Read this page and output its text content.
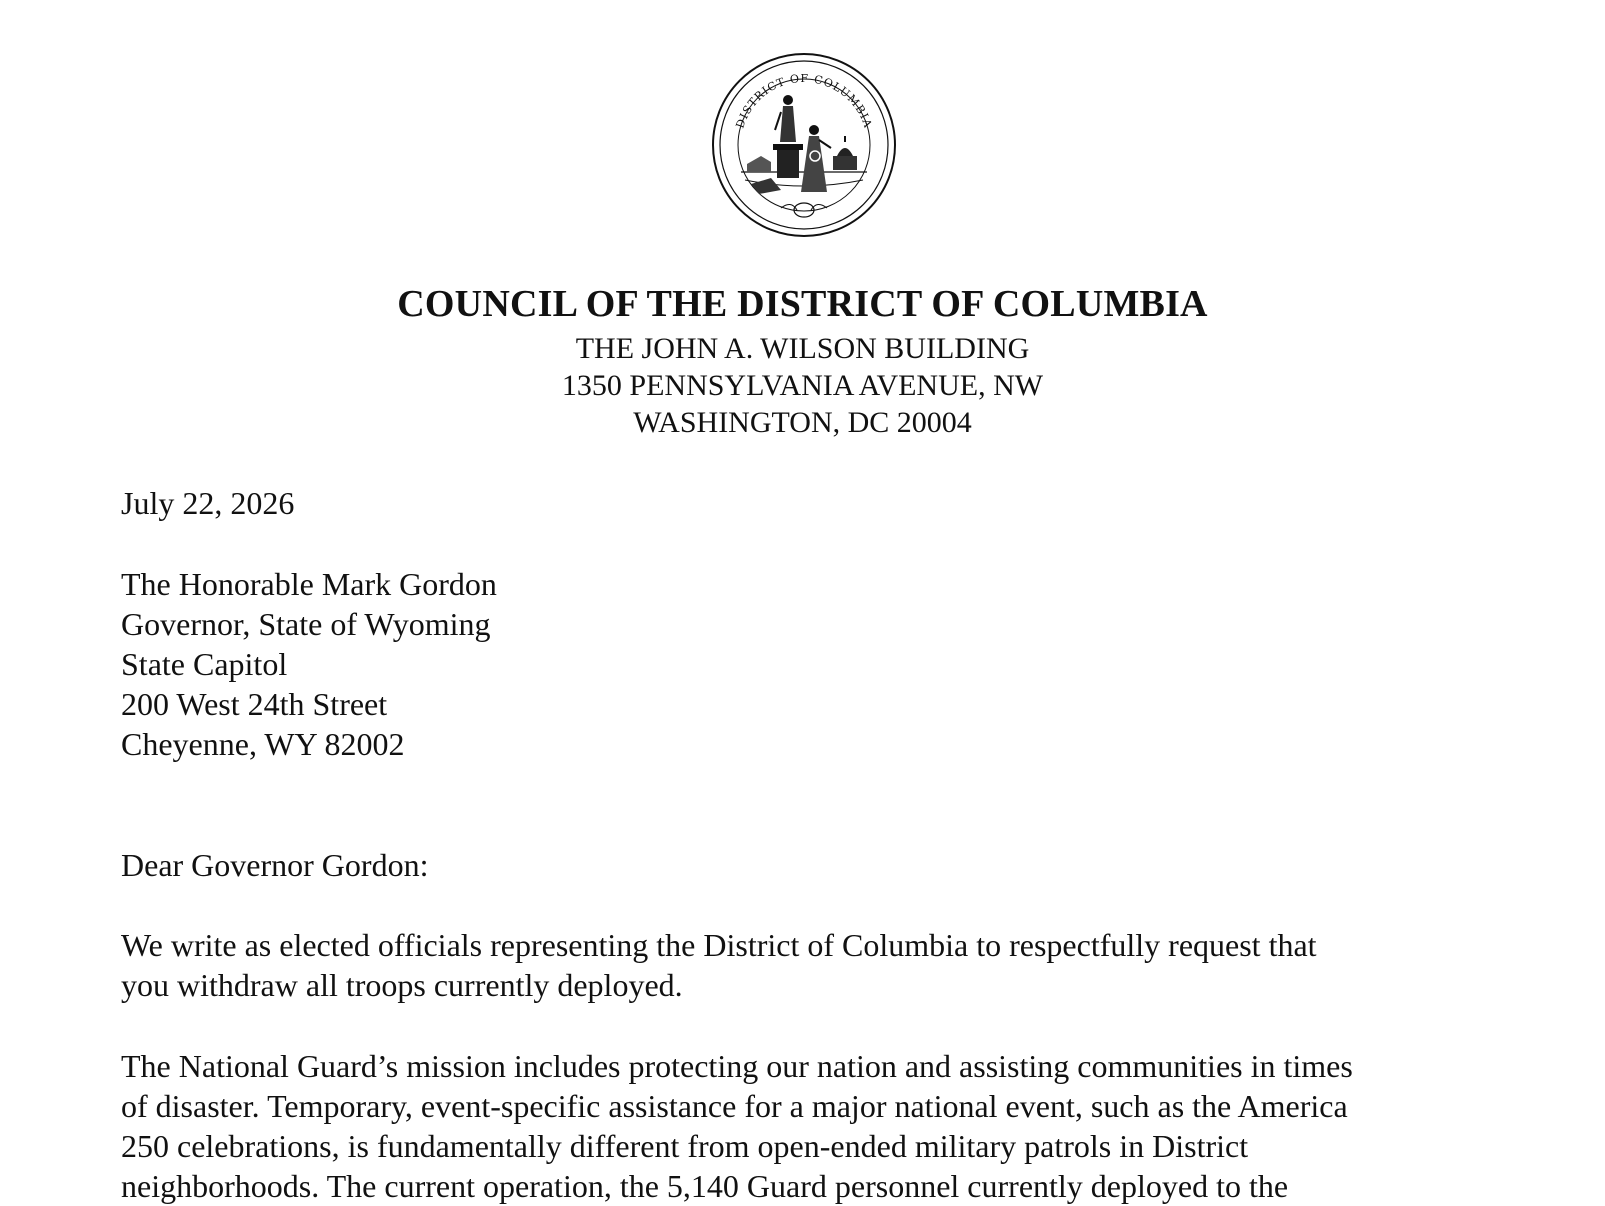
DISTRICT OF COLUMBIA
COUNCIL OF THE DISTRICT OF COLUMBIA
THE JOHN A. WILSON BUILDING
1350 PENNSYLVANIA AVENUE, NW
WASHINGTON, DC 20004
July 22, 2026
The Honorable Mark Gordon
Governor, State of Wyoming
State Capitol
200 West 24th Street
Cheyenne, WY 82002
Dear Governor Gordon:
We write as elected officials representing the District of Columbia to respectfully request that
you withdraw all troops currently deployed.
The National Guard’s mission includes protecting our nation and assisting communities in times
of disaster. Temporary, event-specific assistance for a major national event, such as the America
250 celebrations, is fundamentally different from open-ended military patrols in District
neighborhoods. The current operation, the 5,140 Guard personnel currently deployed to the
